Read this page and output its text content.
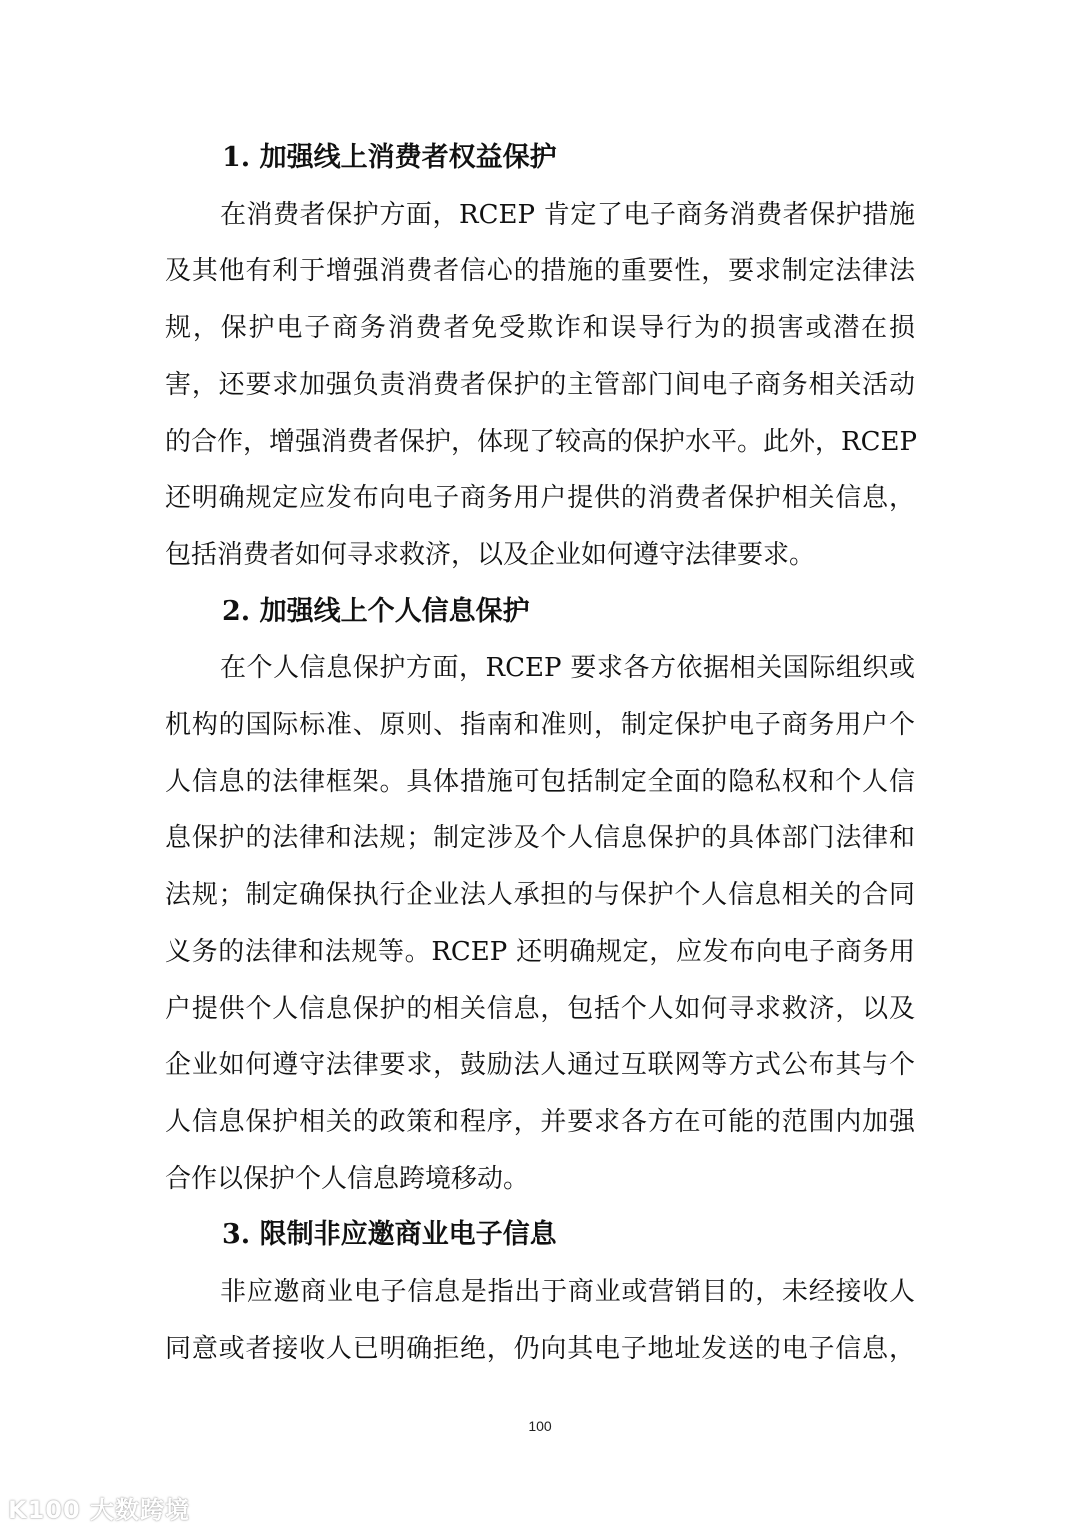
1. 加强线上消费者权益保护
在消费者保护方面，RCEP 肯定了电子商务消费者保护措施
及其他有利于增强消费者信心的措施的重要性，要求制定法律法
规，保护电子商务消费者免受欺诈和误导行为的损害或潜在损
害，还要求加强负责消费者保护的主管部门间电子商务相关活动
的合作，增强消费者保护，体现了较高的保护水平。此外，RCEP
还明确规定应发布向电子商务用户提供的消费者保护相关信息，
包括消费者如何寻求救济，以及企业如何遵守法律要求。
2. 加强线上个人信息保护
在个人信息保护方面，RCEP 要求各方依据相关国际组织或
机构的国际标准、原则、指南和准则，制定保护电子商务用户个
人信息的法律框架。具体措施可包括制定全面的隐私权和个人信
息保护的法律和法规；制定涉及个人信息保护的具体部门法律和
法规；制定确保执行企业法人承担的与保护个人信息相关的合同
义务的法律和法规等。RCEP 还明确规定，应发布向电子商务用
户提供个人信息保护的相关信息，包括个人如何寻求救济，以及
企业如何遵守法律要求，鼓励法人通过互联网等方式公布其与个
人信息保护相关的政策和程序，并要求各方在可能的范围内加强
合作以保护个人信息跨境移动。
3. 限制非应邀商业电子信息
非应邀商业电子信息是指出于商业或营销目的，未经接收人
同意或者接收人已明确拒绝，仍向其电子地址发送的电子信息，
100
K100 大数跨境
